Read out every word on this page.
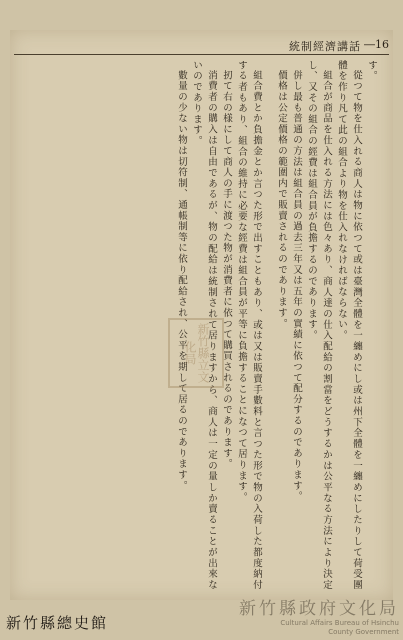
統制經濟講話 ―16

す。

從つて物を仕入れる商人は物に依つて或は臺灣全體を一纏めにし或は州下全體を一纏めにしたりして荷受團體を作り凡て此の組合より物を仕入れなければならない。

組合が商品を仕入れる方法には色々あり、商人達の仕入配給の割當をどうするかは公平なる方法により決定し、又その組合の經費は組合員が負擔するのであります。

併し最も普通の方法は組合員の過去三年又は五年の實績に依つて配分するのであります。

價格は公定價格の範圍内で販賣されるのであります。

組合費とか負擔金とか言つた形で出すこともあり、或は又は販賣手數料と言つた形で物の入荷した都度納付する者もあり、組合の維持に必要な經費は組合員が平等に負擔することになつて居ります。

扨て右の様にして商人の手に渡つた物が消費者に依つて購買されるのであります。

消費者の購入は自由であるが、物の配給は統制されて居りますから、商人は一定の量しか賣ることが出來ないのであります。

數量の少ない物は切符制、通帳制等に依り配給され、公平を期して居るのであります。 新竹縣立文化局
新竹縣總史館
新竹縣政府文化局
Cultural Affairs Bureau of Hsinchu
County Government
